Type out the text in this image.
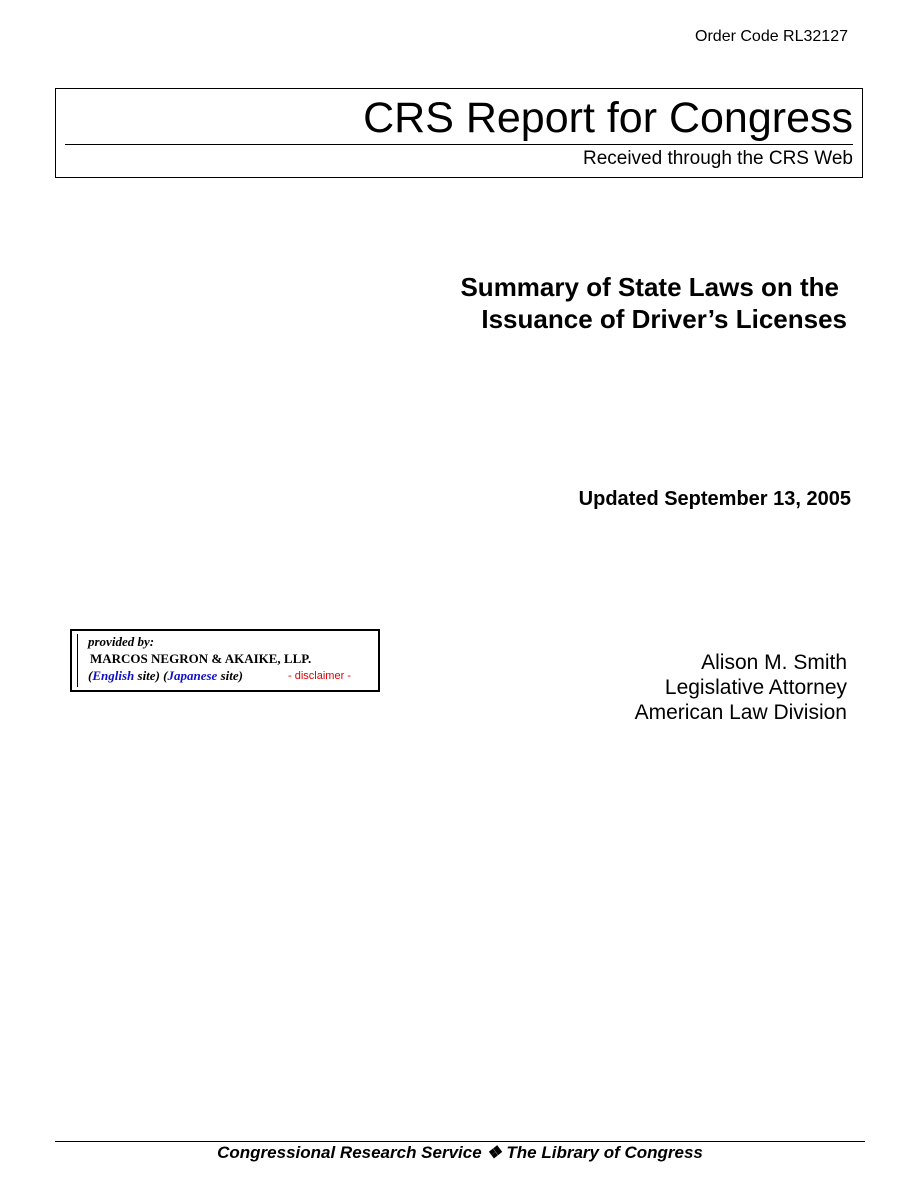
Order Code RL32127
CRS Report for Congress
Received through the CRS Web
Summary of State Laws on the
Issuance of Driver’s Licenses
Updated September 13, 2005
provided by:
MARCOS NEGRON & AKAIKE, LLP.
(English site) (Japanese site)	- disclaimer -
Alison M. Smith
Legislative Attorney
American Law Division
Congressional Research Service ❖ The Library of Congress
